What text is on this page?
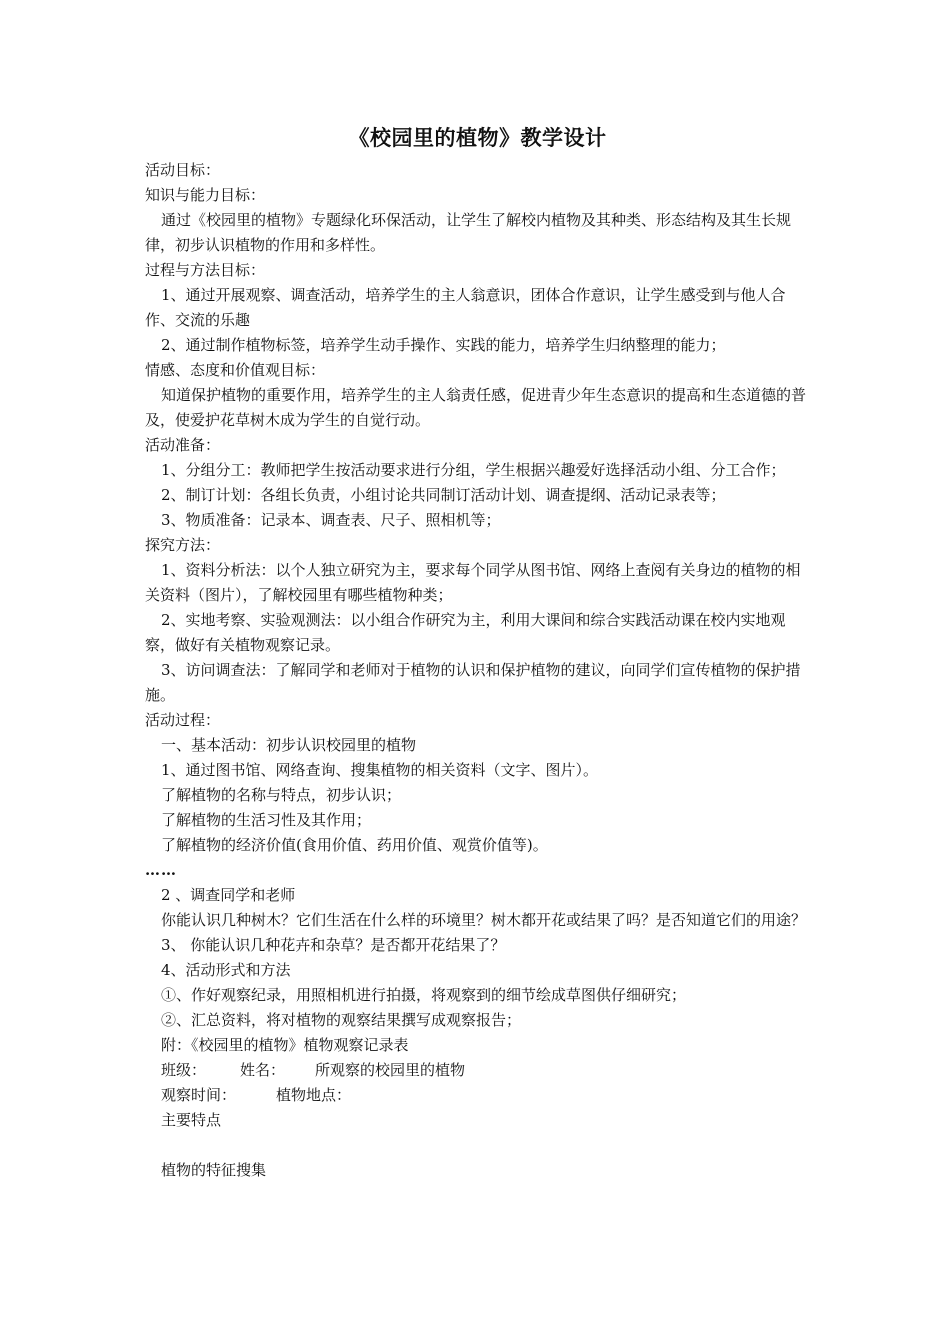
《校园里的植物》教学设计
活动目标：
知识与能力目标：
通过《校园里的植物》专题绿化环保活动，让学生了解校内植物及其种类、形态结构及其生长规律，初步认识植物的作用和多样性。
过程与方法目标：
1、通过开展观察、调查活动，培养学生的主人翁意识，团体合作意识，让学生感受到与他人合作、交流的乐趣
2、通过制作植物标签，培养学生动手操作、实践的能力，培养学生归纳整理的能力；
情感、态度和价值观目标：
知道保护植物的重要作用，培养学生的主人翁责任感，促进青少年生态意识的提高和生态道德的普及，使爱护花草树木成为学生的自觉行动。
活动准备：
1、分组分工：教师把学生按活动要求进行分组，学生根据兴趣爱好选择活动小组、分工合作；
2、制订计划：各组长负责，小组讨论共同制订活动计划、调查提纲、活动记录表等；
3、物质准备：记录本、调查表、尺子、照相机等；
探究方法：
1、资料分析法：以个人独立研究为主，要求每个同学从图书馆、网络上查阅有关身边的植物的相关资料（图片），了解校园里有哪些植物种类；
2、实地考察、实验观测法：以小组合作研究为主，利用大课间和综合实践活动课在校内实地观察，做好有关植物观察记录。
3、访问调查法：了解同学和老师对于植物的认识和保护植物的建议，向同学们宣传植物的保护措施。
活动过程：
一、基本活动：初步认识校园里的植物
1、通过图书馆、网络查询、搜集植物的相关资料（文字、图片）。
了解植物的名称与特点，初步认识；
了解植物的生活习性及其作用；
了解植物的经济价值(食用价值、药用价值、观赏价值等)。
……
2 、调查同学和老师
你能认识几种树木？它们生活在什么样的环境里？树木都开花或结果了吗？是否知道它们的用途？
3、 你能认识几种花卉和杂草？是否都开花结果了？
4、活动形式和方法
①、作好观察纪录，用照相机进行拍摄，将观察到的细节绘成草图供仔细研究；
②、汇总资料，将对植物的观察结果撰写成观察报告；
附：《校园里的植物》植物观察记录表
班级： 姓名： 所观察的校园里的植物
观察时间：	植物地点：
主要特点
植物的特征搜集
